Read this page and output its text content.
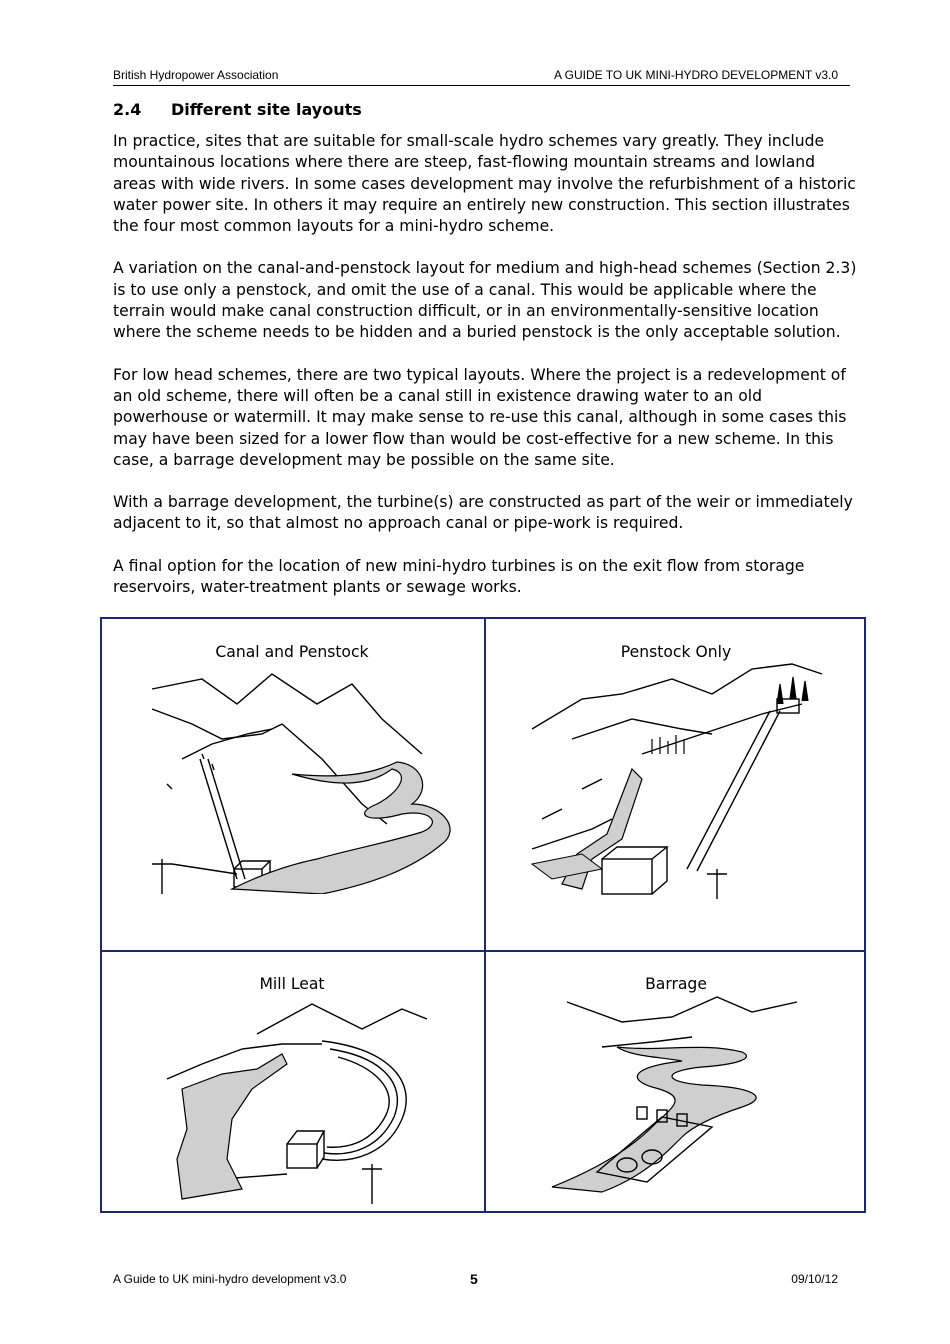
British Hydropower Association	A GUIDE TO UK MINI-HYDRO DEVELOPMENT v3.0
2.4 Different site layouts

In practice, sites that are suitable for small-scale hydro schemes vary greatly. They include mountainous locations where there are steep, fast-flowing mountain streams and lowland areas with wide rivers. In some cases development may involve the refurbishment of a historic water power site. In others it may require an entirely new construction. This section illustrates the four most common layouts for a mini-hydro scheme.

A variation on the canal-and-penstock layout for medium and high-head schemes (Section 2.3) is to use only a penstock, and omit the use of a canal. This would be applicable where the terrain would make canal construction difficult, or in an environmentally-sensitive location where the scheme needs to be hidden and a buried penstock is the only acceptable solution.

For low head schemes, there are two typical layouts. Where the project is a redevelopment of an old scheme, there will often be a canal still in existence drawing water to an old powerhouse or watermill. It may make sense to re-use this canal, although in some cases this may have been sized for a lower flow than would be cost-effective for a new scheme. In this case, a barrage development may be possible on the same site.

With a barrage development, the turbine(s) are constructed as part of the weir or immediately adjacent to it, so that almost no approach canal or pipe-work is required.

A final option for the location of new mini-hydro turbines is on the exit flow from storage reservoirs, water-treatment plants or sewage works.

Canal and Penstock	Penstock Only
Mill Leat	Barrage
A Guide to UK mini-hydro development v3.0	5	09/10/12
